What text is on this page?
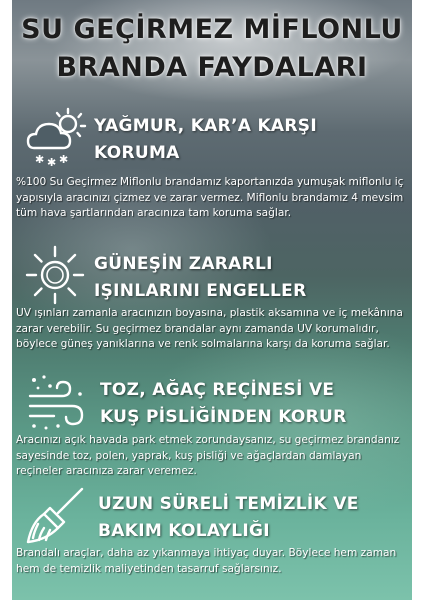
SU GEÇİRMEZ MİFLONLU
BRANDA FAYDALARI
✱ ✱ ✱
YAĞMUR, KAR’A KARŞI
KORUMA
%100 Su Geçirmez Miflonlu brandamız kaportanızda yumuşak miflonlu iç yapısıyla aracınızı çizmez ve zarar vermez. Miflonlu brandamız 4 mevsim tüm hava şartlarından aracınıza tam koruma sağlar.
GÜNEŞİN ZARARLI
IŞINLARINI ENGELLER
UV ışınları zamanla aracınızın boyasına, plastik aksamına ve iç mekânına zarar verebilir. Su geçirmez brandalar aynı zamanda UV korumalıdır, böylece güneş yanıklarına ve renk solmalarına karşı da koruma sağlar.
TOZ, AĞAÇ REÇİNESİ VE
KUŞ PİSLİĞİNDEN KORUR
Aracınızı açık havada park etmek zorundaysanız, su geçirmez brandanız sayesinde toz, polen, yaprak, kuş pisliği ve ağaçlardan damlayan reçineler aracınıza zarar veremez.
UZUN SÜRELİ TEMİZLİK VE
BAKIM KOLAYLIĞI
Brandalı araçlar, daha az yıkanmaya ihtiyaç duyar. Böylece hem zaman hem de temizlik maliyetinden tasarruf sağlarsınız.
